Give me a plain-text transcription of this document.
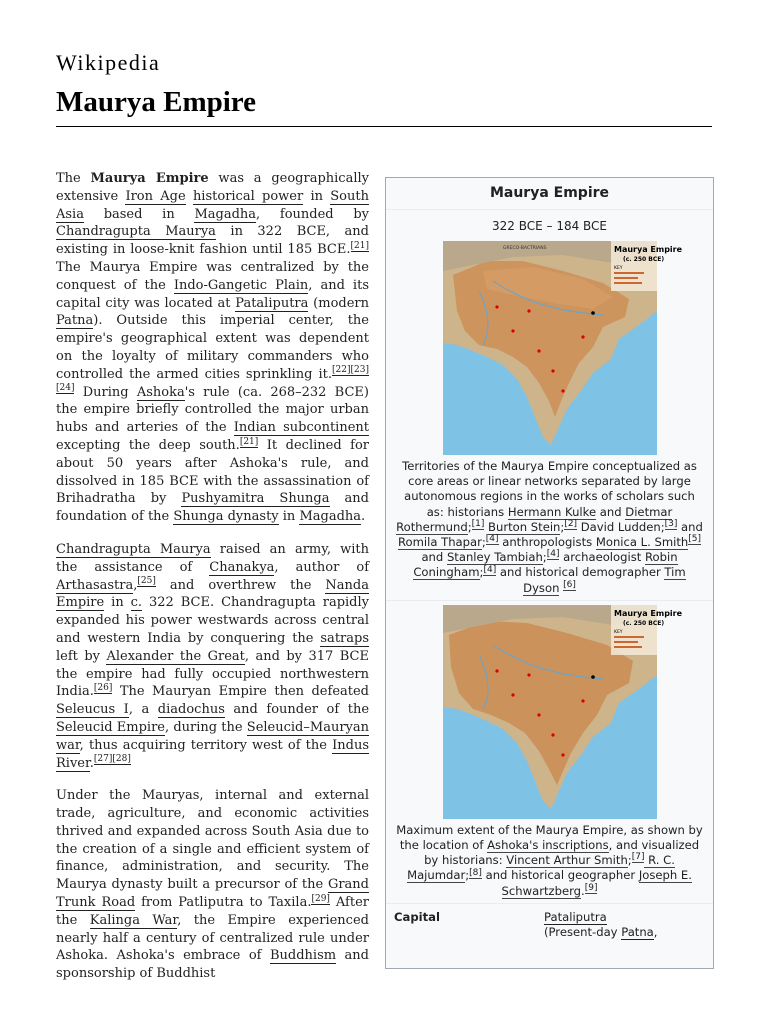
Wikipedia
Maurya Empire

The Maurya Empire was a geographically extensive Iron Age historical power in South Asia based in Magadha, founded by Chandragupta Maurya in 322 BCE, and existing in loose-knit fashion until 185 BCE.[21] The Maurya Empire was centralized by the conquest of the Indo-Gangetic Plain, and its capital city was located at Pataliputra (modern Patna). Outside this imperial center, the empire's geographical extent was dependent on the loyalty of military commanders who controlled the armed cities sprinkling it.[22][23][24] During Ashoka's rule (ca. 268–232 BCE) the empire briefly controlled the major urban hubs and arteries of the Indian subcontinent excepting the deep south.[21] It declined for about 50 years after Ashoka's rule, and dissolved in 185 BCE with the assassination of Brihadratha by Pushyamitra Shunga and foundation of the Shunga dynasty in Magadha.

Chandragupta Maurya raised an army, with the assistance of Chanakya, author of Arthasastra,[25] and overthrew the Nanda Empire in c. 322 BCE. Chandragupta rapidly expanded his power westwards across central and western India by conquering the satraps left by Alexander the Great, and by 317 BCE the empire had fully occupied northwestern India.[26] The Mauryan Empire then defeated Seleucus I, a diadochus and founder of the Seleucid Empire, during the Seleucid–Mauryan war, thus acquiring territory west of the Indus River.[27][28]

Under the Mauryas, internal and external trade, agriculture, and economic activities thrived and expanded across South Asia due to the creation of a single and efficient system of finance, administration, and security. The Maurya dynasty built a precursor of the Grand Trunk Road from Patliputra to Taxila.[29] After the Kalinga War, the Empire experienced nearly half a century of centralized rule under Ashoka. Ashoka's embrace of Buddhism and sponsorship of Buddhist

Maurya Empire
322 BCE – 184 BCE
Maurya Empire
(c. 250 BCE)
KEY
GRECO-BACTRIANS
Territories of the Maurya Empire conceptualized as core areas or linear networks separated by large autonomous regions in the works of scholars such as: historians Hermann Kulke and Dietmar Rothermund;[1] Burton Stein;[2] David Ludden;[3] and Romila Thapar;[4] anthropologists Monica L. Smith[5] and Stanley Tambiah;[4] archaeologist Robin Coningham;[4] and historical demographer Tim Dyson [6]
Maurya Empire
(c. 250 BCE)
KEY
Maximum extent of the Maurya Empire, as shown by the location of Ashoka's inscriptions, and visualized by historians: Vincent Arthur Smith;[7] R. C. Majumdar;[8] and historical geographer Joseph E. Schwartzberg.[9]
Capital	Pataliputra
(Present-day Patna,
